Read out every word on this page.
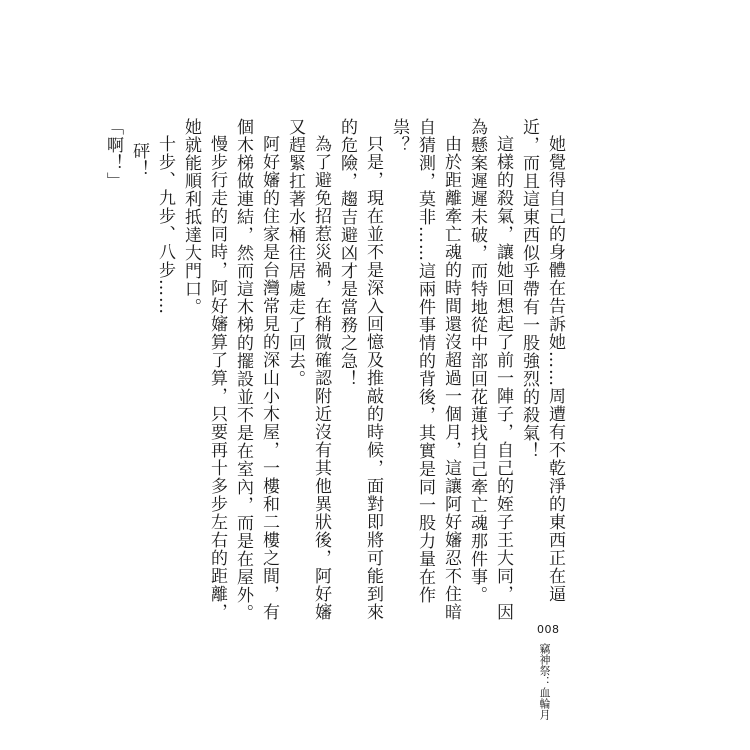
她覺得自己的身體在告訴她……周遭有不乾淨的東西正在逼近，而且這東西似乎帶有一股強烈的殺氣！

這樣的殺氣，讓她回想起了前一陣子，自己的姪子王大同，因為懸案遲遲未破，而特地從中部回花蓮找自己牽亡魂那件事。

由於距離牽亡魂的時間還沒超過一個月，這讓阿好嬸忍不住暗自猜測，莫非……這兩件事情的背後，其實是同一股力量在作祟？

只是，現在並不是深入回憶及推敲的時候，面對即將可能到來的危險，趨吉避凶才是當務之急！

為了避免招惹災禍，在稍微確認附近沒有其他異狀後，阿好嬸又趕緊扛著水桶往居處走了回去。

阿好嬸的住家是台灣常見的深山小木屋，一樓和二樓之間，有個木梯做連結，然而這木梯的擺設並不是在室內，而是在屋外。

慢步行走的同時，阿好嬸算了算，只要再十多步左右的距離，她就能順利抵達大門口。

十步、九步、八步……

砰！

「啊！」

008
竊神祭：血輪月
